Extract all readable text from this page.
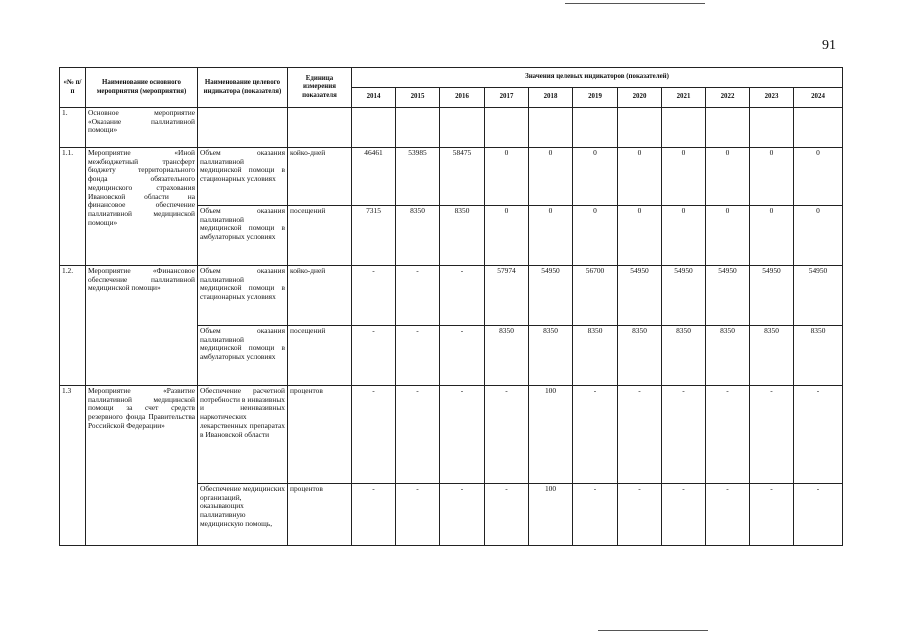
91
«№ п/п	Наименование основного мероприятия (мероприятия)	Наименование целевого индикатора (показателя)	Единица измерения показателя	Значения целевых индикаторов (показателей)										
				2014	2015	2016	2017	2018	2019	2020	2021	2022	2023	2024
1.	Основное мероприятие «Оказание паллиативной помощи»													
1.1.	Мероприятие «Иной межбюджетный трансферт бюджету территориального фонда обязательного медицинского страхования Ивановской области на финансовое обеспечение паллиативной медицинской помощи»	Объем оказания паллиативной медицинской помощи в стационарных условиях	койко-дней	46461	53985	58475	0	0	0	0	0	0	0	0
		Объем оказания паллиативной медицинской помощи в амбулаторных условиях	посещений	7315	8350	8350	0	0	0	0	0	0	0	0
1.2.	Мероприятие «Финансовое обеспечение паллиативной медицинской помощи»	Объем оказания паллиативной медицинской помощи в стационарных условиях	койко-дней	-	-	-	57974	54950	56700	54950	54950	54950	54950	54950
		Объем оказания паллиативной медицинской помощи в амбулаторных условиях	посещений	-	-	-	8350	8350	8350	8350	8350	8350	8350	8350
1.3	Мероприятие «Развитие паллиативной медицинской помощи за счет средств резервного фонда Правительства Российской Федерации»	Обеспечение расчетной потребности в инвазивных и неинвазивных наркотических лекарственных препаратах в Ивановской области	процентов	-	-	-	-	100	-	-	-	-	-	-
		Обеспечение медицинских организаций, оказывающих паллиативную медицинскую помощь,	процентов	-	-	-	-	100	-	-	-	-	-	-
